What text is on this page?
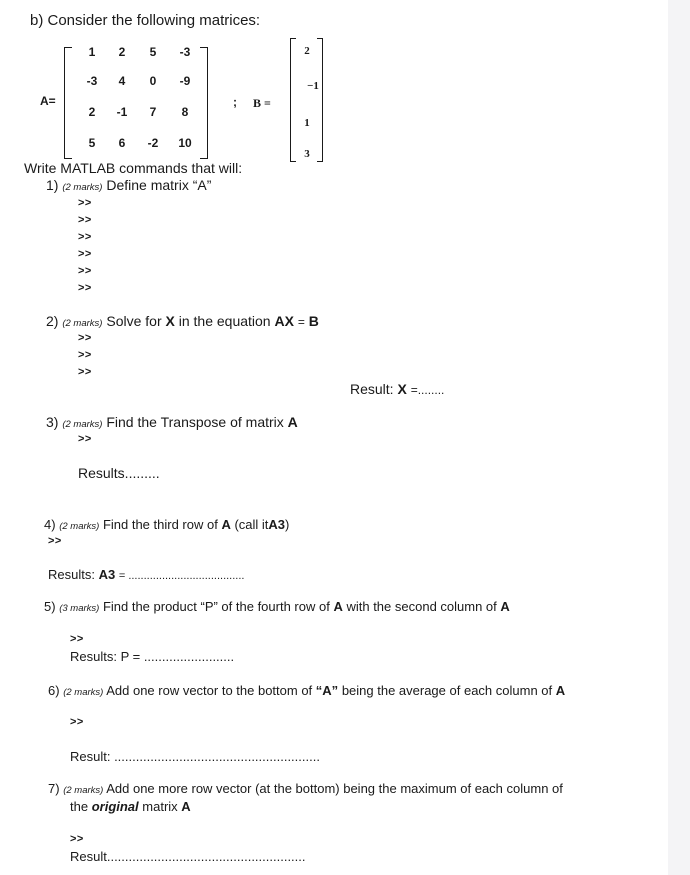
b) Consider the following matrices:
A=
1	2	5	-3
-3	4	0	-9
2	-1	7	8
5	6	-2	10
; B =
2
−1
1
3
Write MATLAB commands that will:
1) (2 marks) Define matrix “A”
>>
>>
>>
>>
>>
>>
2) (2 marks) Solve for X in the equation AX = B
>>
>>
>>
Result: X =........
3) (2 marks) Find the Transpose of matrix A
>>
Results.........
4) (2 marks) Find the third row of A (call itA3)
>>
Results: A3 = ......................................
5) (3 marks) Find the product “P” of the fourth row of A with the second column of A
>>
Results: P = .........................
6) (2 marks) Add one row vector to the bottom of “A” being the average of each column of A
>>
Result: .........................................................
7) (2 marks) Add one more row vector (at the bottom) being the maximum of each column of
the original matrix A
>>
Result.......................................................
